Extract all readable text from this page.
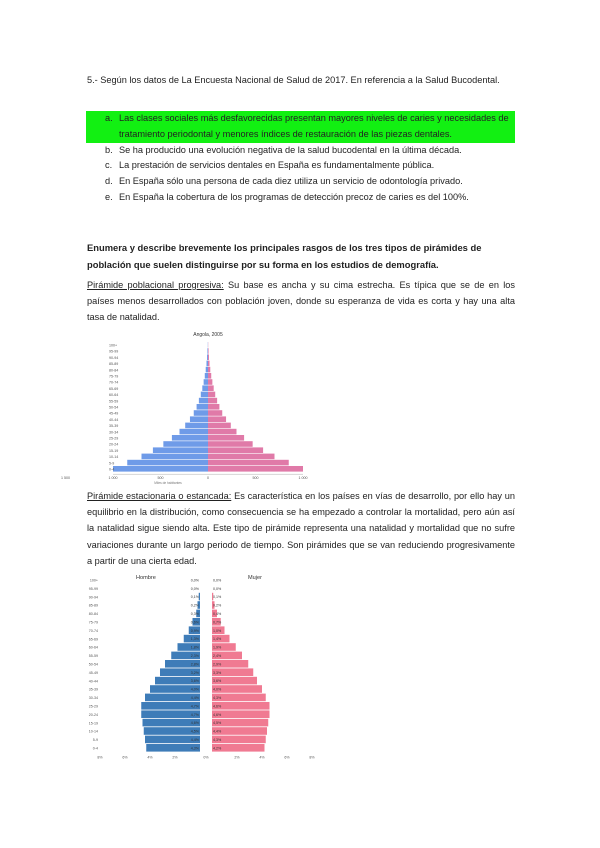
5.- Según los datos de La Encuesta Nacional de Salud de 2017. En referencia a la Salud Bucodental.
a. Las clases sociales más desfavorecidas presentan mayores niveles de caries y necesidades de tratamiento periodontal y menores índices de restauración de las piezas dentales.
b. Se ha producido una evolución negativa de la salud bucodental en la última década.
c. La prestación de servicios dentales en España es fundamentalmente pública.
d. En España sólo una persona de cada diez utiliza un servicio de odontología privado.
e. En España la cobertura de los programas de detección precoz de caries es del 100%.
Enumera y describe brevemente los principales rasgos de los tres tipos de pirámides de población que suelen distinguirse por su forma en los estudios de demografía.
Pirámide poblacional progresiva: Su base es ancha y su cima estrecha. Es típica que se de en los países menos desarrollados con población joven, donde su esperanza de vida es corta y hay una alta tasa de natalidad.
Angola, 2005
100+
95-99
90-94
85-89
80-84
75-79
70-74
65-69
60-64
55-59
50-54
45-49
40-44
35-39
30-34
25-29
20-24
15-19
10-14
5-9
0-4
1 500	1 000	500	0	500	1 000
Miles de habitantes
Pirámide estacionaria o estancada: Es característica en los países en vías de desarrollo, por ello hay un equilibrio en la distribución, como consecuencia se ha empezado a controlar la mortalidad, pero aún así la natalidad sigue siendo alta. Este tipo de pirámide representa una natalidad y mortalidad que no sufre variaciones durante un largo periodo de tiempo. Son pirámides que se van reduciendo progresivamente a partir de una cierta edad.
Hombre	Mujer
100+	0,0%	0,0%
95-99	0,0%	0,0%
90-94	0,1%	0,1%
85-89	0,2%	0,2%
80-84	0,3%	0,4%
75-79	0,6%	0,7%
70-74	0,9%	1,0%
65-69	1,3%	1,4%
60-64	1,8%	1,9%
55-59	2,3%	2,4%
50-54	2,8%	2,9%
45-49	3,2%	3,3%
40-44	3,6%	3,6%
35-39	4,0%	4,0%
30-34	4,4%	4,3%
25-29	4,7%	4,6%
20-24	4,7%	4,6%
15-19	4,6%	4,5%
10-14	4,5%	4,4%
5-9	4,4%	4,3%
0-4	4,3%	4,2%
8%	6%	4%	2%	0%	2%	4%	6%	8%
